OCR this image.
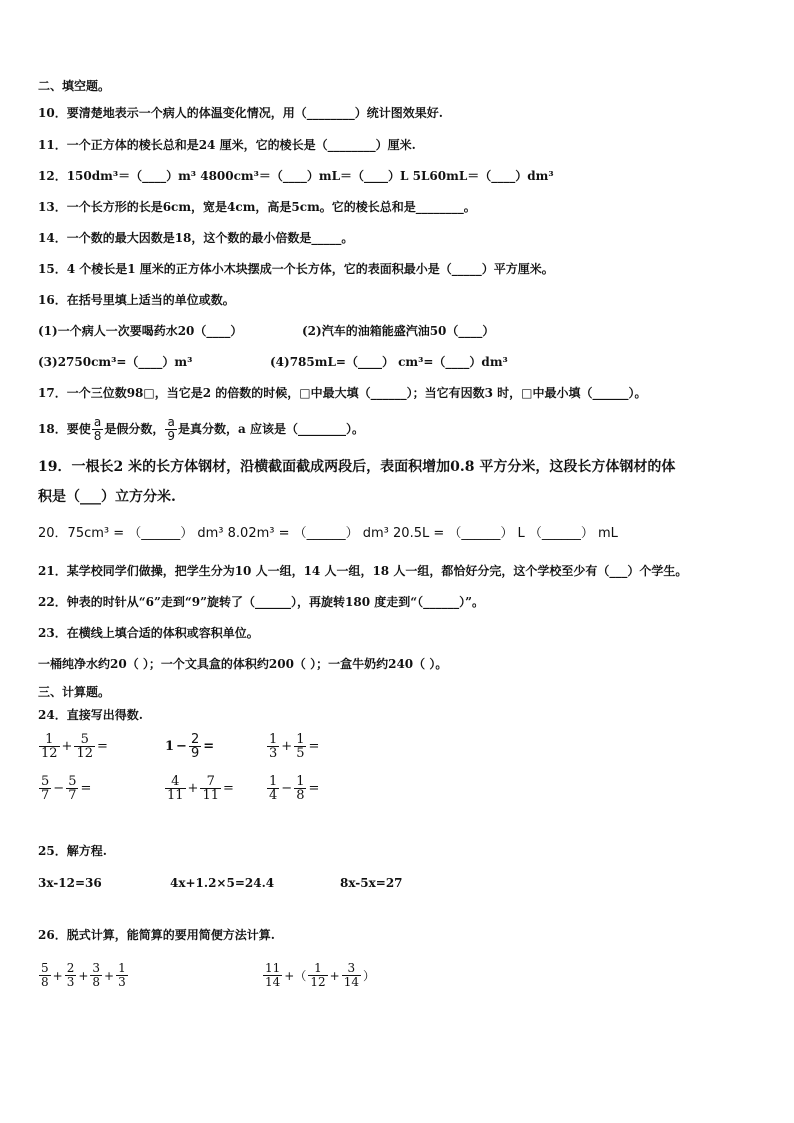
二、填空题。
10．要清楚地表示一个病人的体温变化情况，用（________）统计图效果好.
11．一个正方体的棱长总和是24 厘米，它的棱长是（________）厘米.
12．150dm³＝（____）m³ 4800cm³＝（____）mL＝（____）L 5L60mL＝（____）dm³
13．一个长方形的长是6cm，宽是4cm，高是5cm。它的棱长总和是________。
14．一个数的最大因数是18，这个数的最小倍数是_____。
15．4 个棱长是1 厘米的正方体小木块摆成一个长方体，它的表面积最小是（_____）平方厘米。
16．在括号里填上适当的单位或数。
(1)一个病人一次要喝药水20（____）	(2)汽车的油箱能盛汽油50（____）
(3)2750cm³=（____）m³	(4)785mL=（____） cm³=（____）dm³
17．一个三位数98□，当它是2 的倍数的时候，□中最大填（______）；当它有因数3 时，□中最小填（______）。
18．要使 $\frac{a}{8}$ 是假分数， $\frac{a}{9}$ 是真分数，a 应该是（________）。
19．一根长2 米的长方体钢材，沿横截面截成两段后，表面积增加0.8 平方分米，这段长方体钢材的体
积是（___）立方分米.
20．75cm³ = （______） dm³ 8.02m³ = （______） dm³ 20.5L = （______） L （______） mL
21．某学校同学们做操，把学生分为10 人一组，14 人一组，18 人一组，都恰好分完，这个学校至少有（___）个学生。
22．钟表的时针从“6”走到“9”旋转了（______），再旋转180 度走到“（______）”。
23．在横线上填合适的体积或容积单位。
一桶纯净水约20（ ）；一个文具盒的体积约200（ ）；一盒牛奶约240（ ）。
三、计算题。
24．直接写出得数.
$\frac{1}{12} + \frac{5}{12}$ =	$1 - \frac{2}{9}$ =	$\frac{1}{3} + \frac{1}{5}$ =
$\frac{5}{7} - \frac{5}{7}$ =	$\frac{4}{11} + \frac{7}{11}$ =	$\frac{1}{4} - \frac{1}{8}$ =
25．解方程.
3x-12=36	4x+1.2×5=24.4	8x-5x=27
26．脱式计算，能简算的要用简便方法计算.
$\frac{5}{8} + \frac{2}{3} + \frac{3}{8} + \frac{1}{3}$	$\frac{11}{14}$ +（ $\frac{1}{12} + \frac{3}{14}$ ）
